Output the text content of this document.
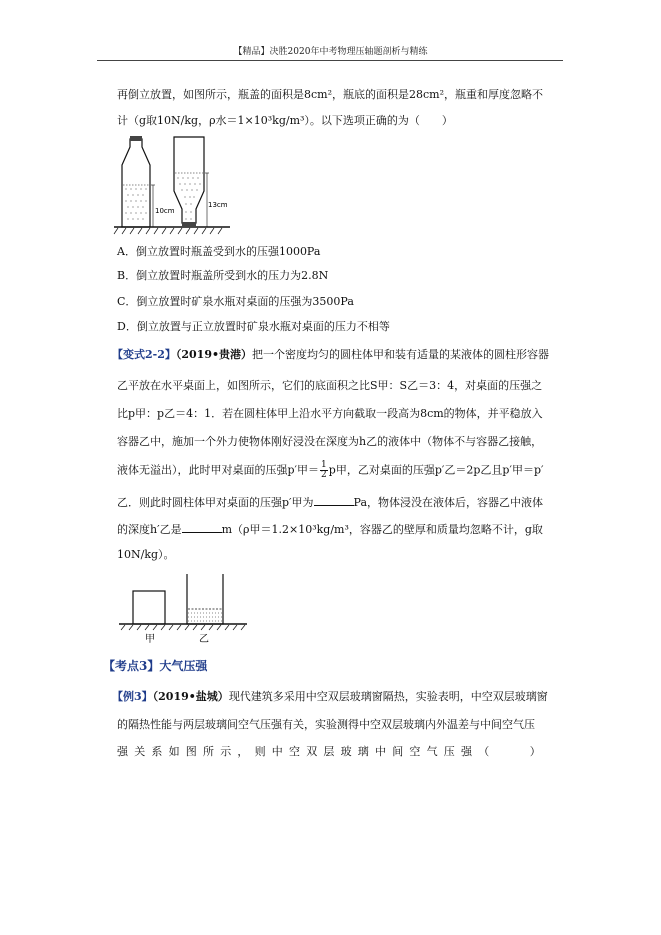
【精品】决胜2020年中考物理压轴题剖析与精练
再倒立放置，如图所示，瓶盖的面积是8cm²，瓶底的面积是28cm²，瓶重和厚度忽略不
计（g取10N/kg，ρ水＝1×10³kg/m³）。以下选项正确的为（　　）
10cm
13cm
A．倒立放置时瓶盖受到水的压强1000Pa
B．倒立放置时瓶盖所受到水的压力为2.8N
C．倒立放置时矿泉水瓶对桌面的压强为3500Pa
D．倒立放置与正立放置时矿泉水瓶对桌面的压力不相等
【变式2-2】（2019•贵港）把一个密度均匀的圆柱体甲和装有适量的某液体的圆柱形容器
乙平放在水平桌面上，如图所示，它们的底面积之比S甲：S乙＝3：4，对桌面的压强之
比p甲：p乙＝4：1．若在圆柱体甲上沿水平方向截取一段高为8cm的物体，并平稳放入
容器乙中，施加一个外力使物体刚好浸没在深度为h乙的液体中（物体不与容器乙接触，
液体无溢出），此时甲对桌面的压强p′甲＝ $\frac{1}{2}$ p甲，乙对桌面的压强p′乙＝2p乙且p′甲＝p′
乙．则此时圆柱体甲对桌面的压强p′甲为	Pa，物体浸没在液体后，容器乙中液体
的深度h′乙是	m（ρ甲＝1.2×10³kg/m³，容器乙的壁厚和质量均忽略不计，g取
10N/kg）。
甲	乙
【考点3】大气压强
【例3】（2019•盐城）现代建筑多采用中空双层玻璃窗隔热，实验表明，中空双层玻璃窗
的隔热性能与两层玻璃间空气压强有关，实验测得中空双层玻璃内外温差与中间空气压
强关系如图所示，则中空双层玻璃中间空气压强（　　）
